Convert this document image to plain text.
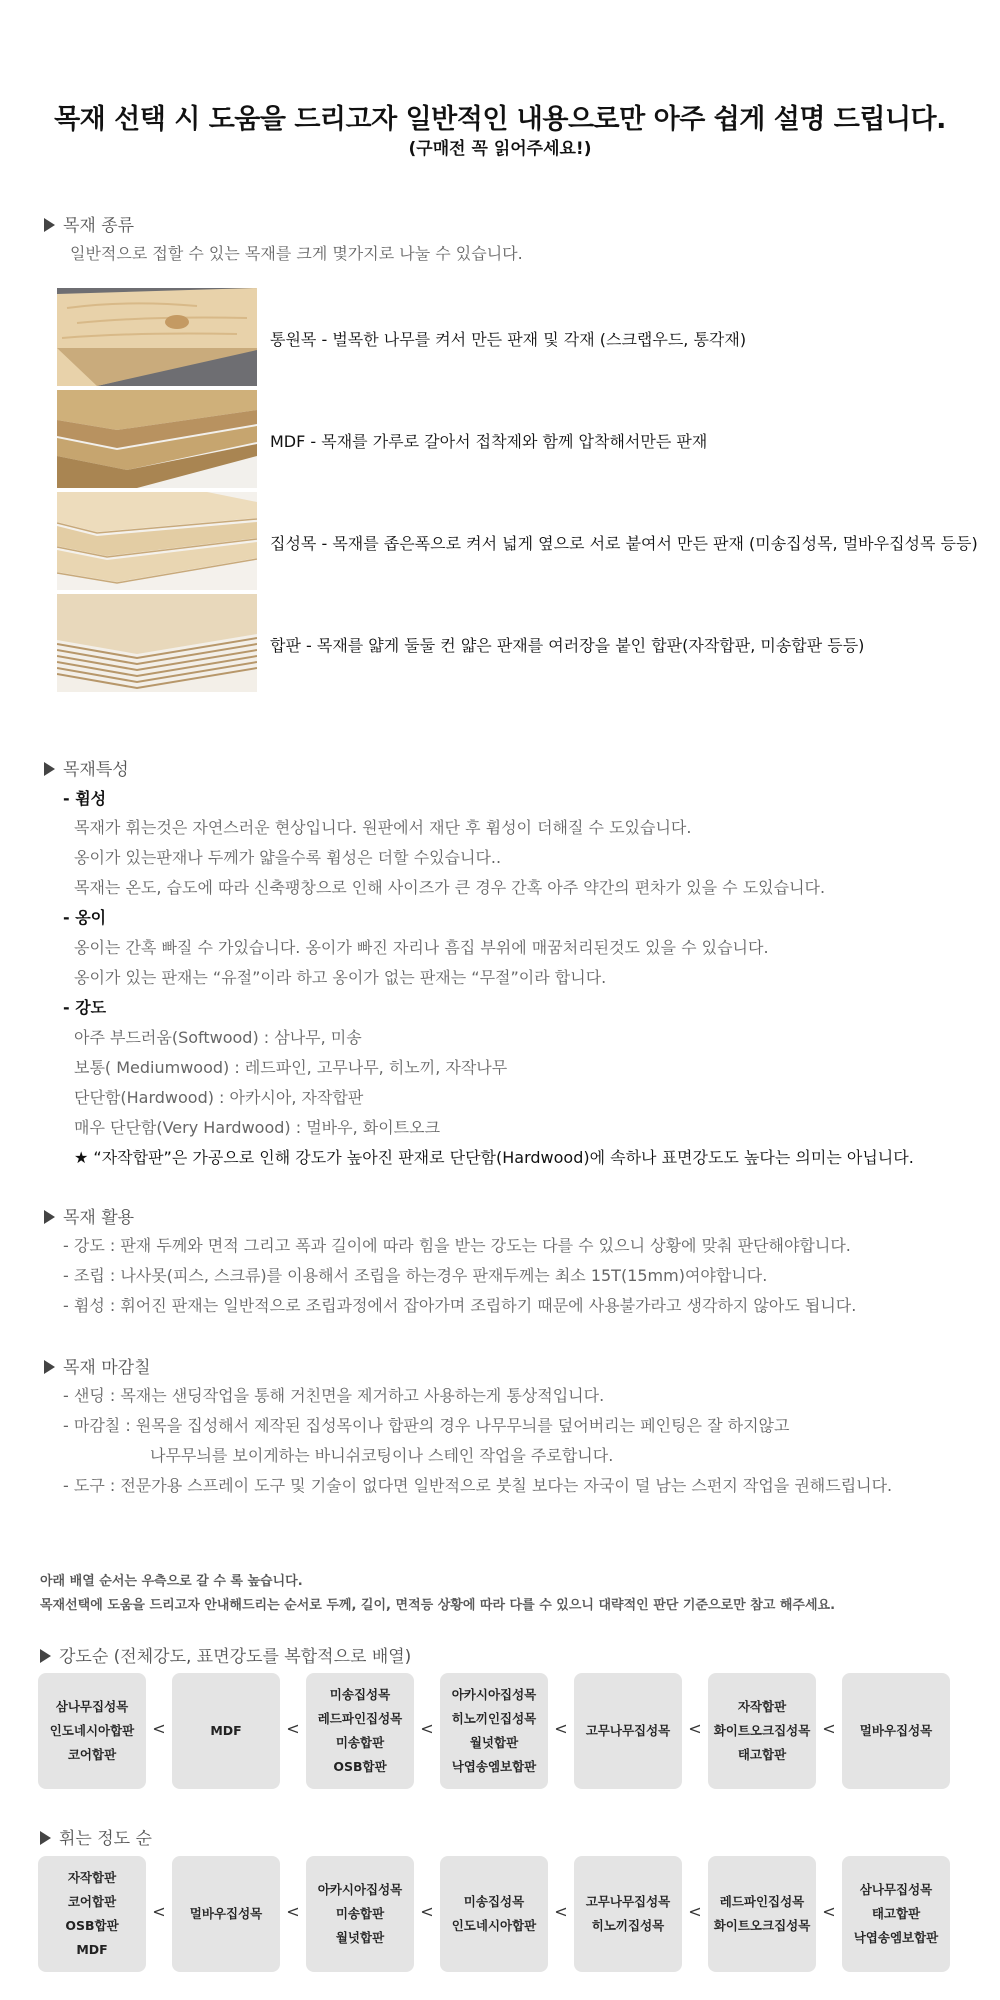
목재 선택 시 도움을 드리고자 일반적인 내용으로만 아주 쉽게 설명 드립니다.
(구매전 꼭 읽어주세요!)
목재 종류
일반적으로 접할 수 있는 목재를 크게 몇가지로 나눌 수 있습니다.
통원목 - 벌목한 나무를 켜서 만든 판재 및 각재 (스크랩우드, 통각재)
MDF - 목재를 가루로 갈아서 접착제와 함께 압착해서만든 판재
집성목 - 목재를 좁은폭으로 켜서 넓게 옆으로 서로 붙여서 만든 판재 (미송집성목, 멀바우집성목 등등)
합판 - 목재를 얇게 둘둘 컨 얇은 판재를 여러장을 붙인 합판(자작합판, 미송합판 등등)
목재특성
- 휨성
목재가 휘는것은 자연스러운 현상입니다. 원판에서 재단 후 휨성이 더해질 수 도있습니다.
옹이가 있는판재나 두께가 얇을수록 휨성은 더할 수있습니다..
목재는 온도, 습도에 따라 신축팽창으로 인해 사이즈가 큰 경우 간혹 아주 약간의 편차가 있을 수 도있습니다.
- 옹이
옹이는 간혹 빠질 수 가있습니다. 옹이가 빠진 자리나 흠집 부위에 매꿈처리된것도 있을 수 있습니다.
옹이가 있는 판재는 “유절”이라 하고 옹이가 없는 판재는 “무절”이라 합니다.
- 강도
아주 부드러움(Softwood) : 삼나무, 미송
보통( Mediumwood) : 레드파인, 고무나무, 히노끼, 자작나무
단단함(Hardwood) : 아카시아, 자작합판
매우 단단함(Very Hardwood) : 멀바우, 화이트오크
★ “자작합판”은 가공으로 인해 강도가 높아진 판재로 단단함(Hardwood)에 속하나 표면강도도 높다는 의미는 아닙니다.
목재 활용
- 강도 : 판재 두께와 면적 그리고 폭과 길이에 따라 힘을 받는 강도는 다를 수 있으니 상황에 맞춰 판단해야합니다.
- 조립 : 나사못(피스, 스크류)를 이용해서 조립을 하는경우 판재두께는 최소 15T(15mm)여야합니다.
- 휨성 : 휘어진 판재는 일반적으로 조립과정에서 잡아가며 조립하기 때문에 사용불가라고 생각하지 않아도 됩니다.
목재 마감칠
- 샌딩 : 목재는 샌딩작업을 통해 거친면을 제거하고 사용하는게 통상적입니다.
- 마감칠 : 원목을 집성해서 제작된 집성목이나 합판의 경우 나무무늬를 덮어버리는 페인팅은 잘 하지않고
나무무늬를 보이게하는 바니쉬코팅이나 스테인 작업을 주로합니다.
- 도구 : 전문가용 스프레이 도구 및 기술이 없다면 일반적으로 붓칠 보다는 자국이 덜 남는 스펀지 작업을 권해드립니다.
아래 배열 순서는 우측으로 갈 수 록 높습니다.
목재선택에 도움을 드리고자 안내해드리는 순서로 두께, 길이, 면적등 상황에 따라 다를 수 있으니 대략적인 판단 기준으로만 참고 해주세요.
강도순 (전체강도, 표면강도를 복합적으로 배열)
삼나무집성목
인도네시아합판
코어합판
<	MDF	<
미송집성목
레드파인집성목
미송합판
OSB합판
<
아카시아집성목
히노끼인집성목
월넛합판
낙엽송엠보합판
< 고무나무집성목 <
자작합판
화이트오크집성목
태고합판
< 멀바우집성목
휘는 정도 순
자작합판
코어합판
OSB합판
MDF
< 멀바우집성목 <
아카시아집성목
미송합판
월넛합판
<
미송집성목
인도네시아합판
<
고무나무집성목
히노끼집성목
<
레드파인집성목
화이트오크집성목
<
삼나무집성목
태고합판
낙엽송엠보합판
